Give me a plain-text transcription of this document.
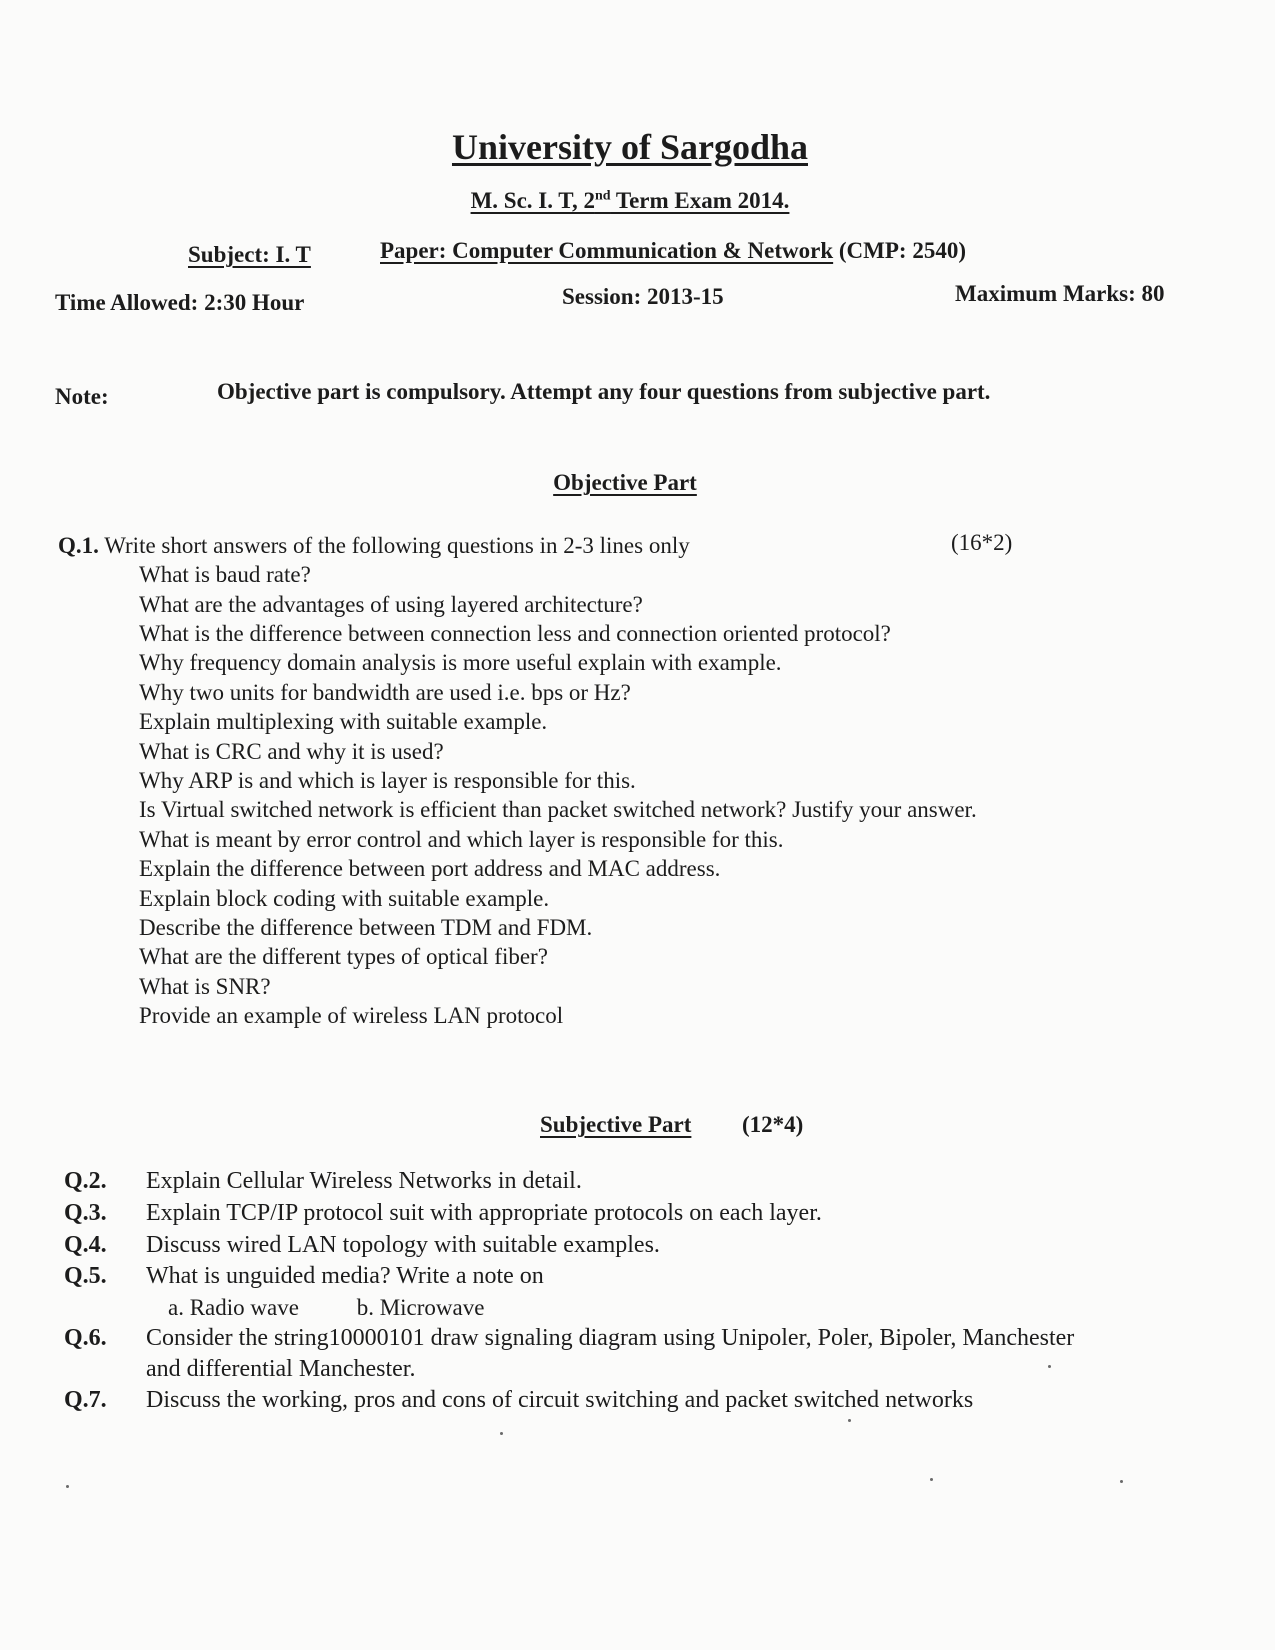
University of Sargodha
M. Sc. I. T, 2nd Term Exam 2014.
Subject: I. T	Paper: Computer Communication & Network (CMP: 2540)
Time Allowed: 2:30 Hour	Session: 2013-15	Maximum Marks: 80
Note:	Objective part is compulsory. Attempt any four questions from subjective part.
Objective Part
Q.1. Write short answers of the following questions in 2-3 lines only	(16*2)
What is baud rate?
What are the advantages of using layered architecture?
What is the difference between connection less and connection oriented protocol?
Why frequency domain analysis is more useful explain with example.
Why two units for bandwidth are used i.e. bps or Hz?
Explain multiplexing with suitable example.
What is CRC and why it is used?
Why ARP is and which is layer is responsible for this.
Is Virtual switched network is efficient than packet switched network? Justify your answer.
What is meant by error control and which layer is responsible for this.
Explain the difference between port address and MAC address.
Explain block coding with suitable example.
Describe the difference between TDM and FDM.
What are the different types of optical fiber?
What is SNR?
Provide an example of wireless LAN protocol
Subjective Part (12*4)
Q.2. Explain Cellular Wireless Networks in detail.
Q.3. Explain TCP/IP protocol suit with appropriate protocols on each layer.
Q.4. Discuss wired LAN topology with suitable examples.
Q.5. What is unguided media? Write a note on
a. Radio wave	b. Microwave
Q.6. Consider the string10000101 draw signaling diagram using Unipoler, Poler, Bipoler, Manchester
and differential Manchester.
Q.7. Discuss the working, pros and cons of circuit switching and packet switched networks
